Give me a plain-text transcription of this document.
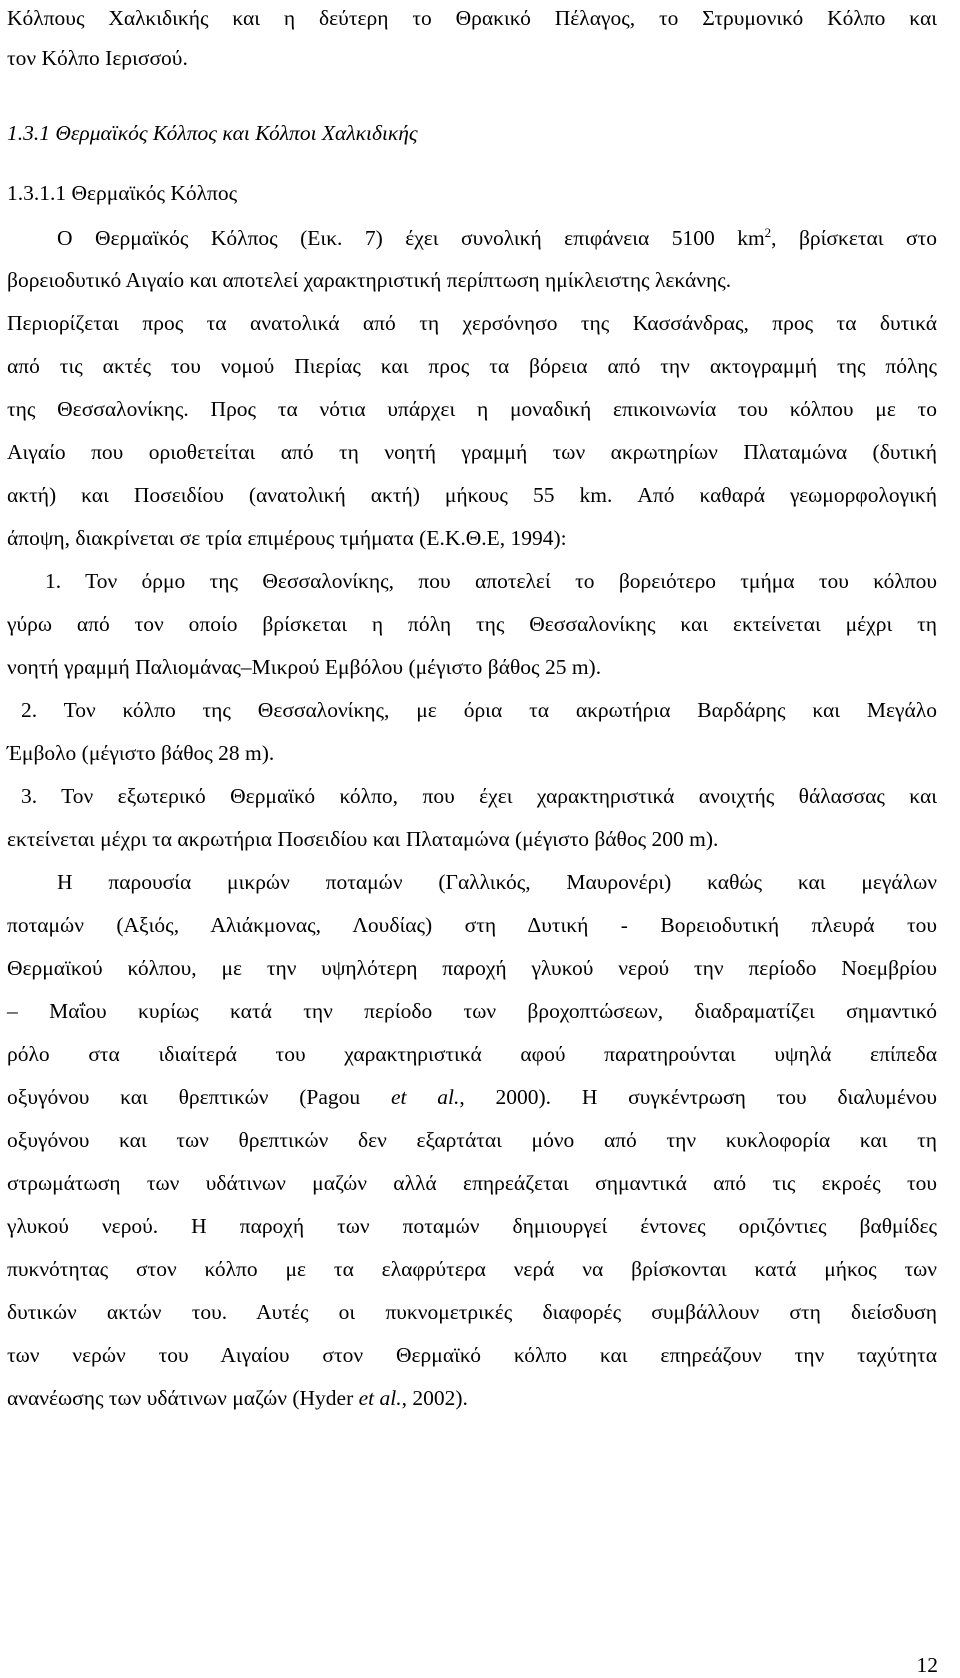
Κόλπους Χαλκιδικής και η δεύτερη το Θρακικό Πέλαγος, το Στρυμονικό Κόλπο και
τον Κόλπο Ιερισσού.
1.3.1 Θερμαϊκός Κόλπος και Κόλποι Χαλκιδικής
1.3.1.1 Θερμαϊκός Κόλπος
Ο Θερμαϊκός Κόλπος (Εικ. 7) έχει συνολική επιφάνεια 5100 $km^2$, βρίσκεται στο
βορειοδυτικό Αιγαίο και αποτελεί χαρακτηριστική περίπτωση ημίκλειστης λεκάνης.
Περιορίζεται προς τα ανατολικά από τη χερσόνησο της Κασσάνδρας, προς τα δυτικά
από τις ακτές του νομού Πιερίας και προς τα βόρεια από την ακτογραμμή της πόλης
της Θεσσαλονίκης. Προς τα νότια υπάρχει η μοναδική επικοινωνία του κόλπου με το
Αιγαίο που οριοθετείται από τη νοητή γραμμή των ακρωτηρίων Πλαταμώνα (δυτική
ακτή) και Ποσειδίου (ανατολική ακτή) μήκους 55 km. Από καθαρά γεωμορφολογική
άποψη, διακρίνεται σε τρία επιμέρους τμήματα (Ε.Κ.Θ.Ε, 1994):
1. Τον όρμο της Θεσσαλονίκης, που αποτελεί το βορειότερο τμήμα του κόλπου
γύρω από τον οποίο βρίσκεται η πόλη της Θεσσαλονίκης και εκτείνεται μέχρι τη
νοητή γραμμή Παλιομάνας–Μικρού Εμβόλου (μέγιστο βάθος 25 m).
2. Τον κόλπο της Θεσσαλονίκης, με όρια τα ακρωτήρια Βαρδάρης και Μεγάλο
Έμβολο (μέγιστο βάθος 28 m).
3. Τον εξωτερικό Θερμαϊκό κόλπο, που έχει χαρακτηριστικά ανοιχτής θάλασσας και
εκτείνεται μέχρι τα ακρωτήρια Ποσειδίου και Πλαταμώνα (μέγιστο βάθος 200 m).
Η παρουσία μικρών ποταμών (Γαλλικός, Μαυρονέρι) καθώς και μεγάλων
ποταμών (Αξιός, Αλιάκμονας, Λουδίας) στη Δυτική - Βορειοδυτική πλευρά του
Θερμαϊκού κόλπου, με την υψηλότερη παροχή γλυκού νερού την περίοδο Νοεμβρίου
– Μαΐου κυρίως κατά την περίοδο των βροχοπτώσεων, διαδραματίζει σημαντικό
ρόλο στα ιδιαίτερά του χαρακτηριστικά αφού παρατηρούνται υψηλά επίπεδα
οξυγόνου και θρεπτικών (Pagou et al., 2000). Η συγκέντρωση του διαλυμένου
οξυγόνου και των θρεπτικών δεν εξαρτάται μόνο από την κυκλοφορία και τη
στρωμάτωση των υδάτινων μαζών αλλά επηρεάζεται σημαντικά από τις εκροές του
γλυκού νερού. Η παροχή των ποταμών δημιουργεί έντονες οριζόντιες βαθμίδες
πυκνότητας στον κόλπο με τα ελαφρύτερα νερά να βρίσκονται κατά μήκος των
δυτικών ακτών του. Αυτές οι πυκνομετρικές διαφορές συμβάλλουν στη διείσδυση
των νερών του Αιγαίου στον Θερμαϊκό κόλπο και επηρεάζουν την ταχύτητα
ανανέωσης των υδάτινων μαζών (Hyder et al., 2002).
12
